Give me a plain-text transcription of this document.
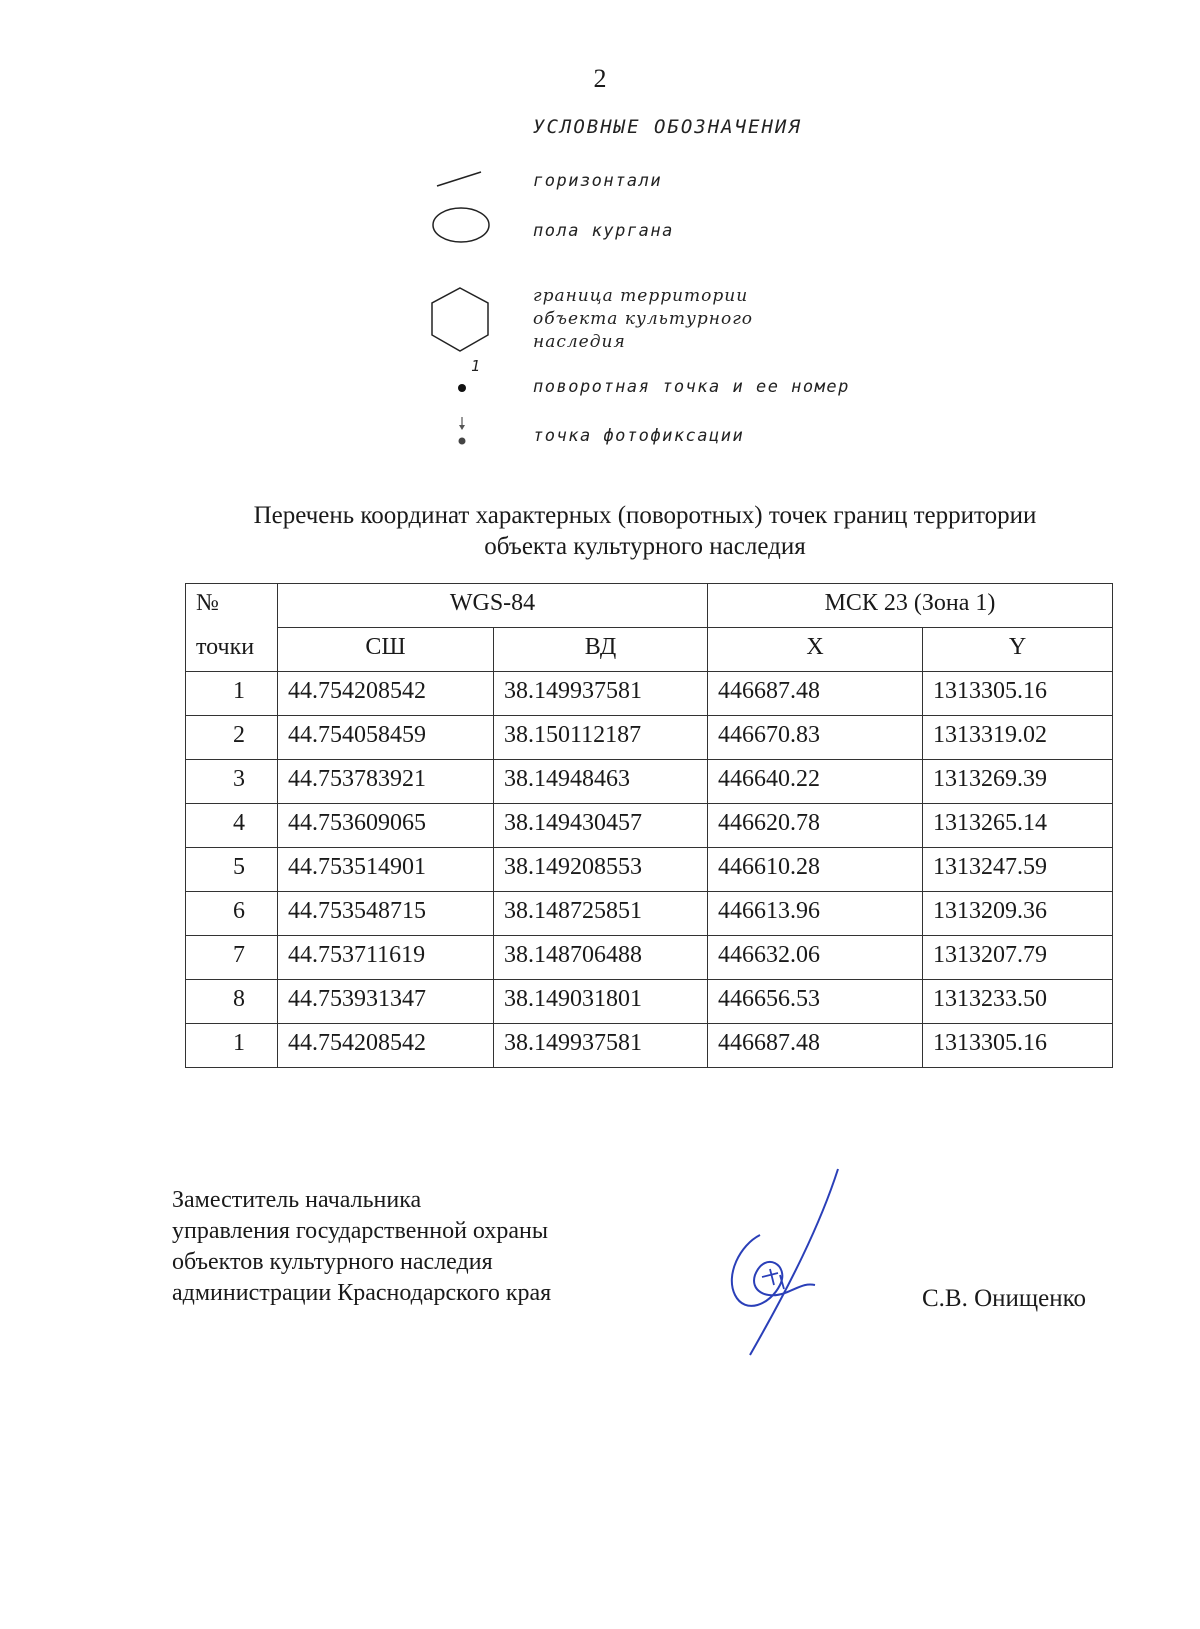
2
УСЛОВНЫЕ ОБОЗНАЧЕНИЯ
горизонтали
пола кургана
граница территории
объекта культурного
наследия
1
поворотная точка и ее номер
точка фотофиксации
Перечень координат характерных (поворотных) точек границ территории
объекта культурного наследия
№	WGS-84		МСК 23 (Зона 1)	
точки	СШ	ВД	X	Y
1	44.754208542	38.149937581	446687.48	1313305.16
2	44.754058459	38.150112187	446670.83	1313319.02
3	44.753783921	38.14948463	446640.22	1313269.39
4	44.753609065	38.149430457	446620.78	1313265.14
5	44.753514901	38.149208553	446610.28	1313247.59
6	44.753548715	38.148725851	446613.96	1313209.36
7	44.753711619	38.148706488	446632.06	1313207.79
8	44.753931347	38.149031801	446656.53	1313233.50
1	44.754208542	38.149937581	446687.48	1313305.16
Заместитель начальника
управления государственной охраны
объектов культурного наследия
администрации Краснодарского края	С.В. Онищенко
